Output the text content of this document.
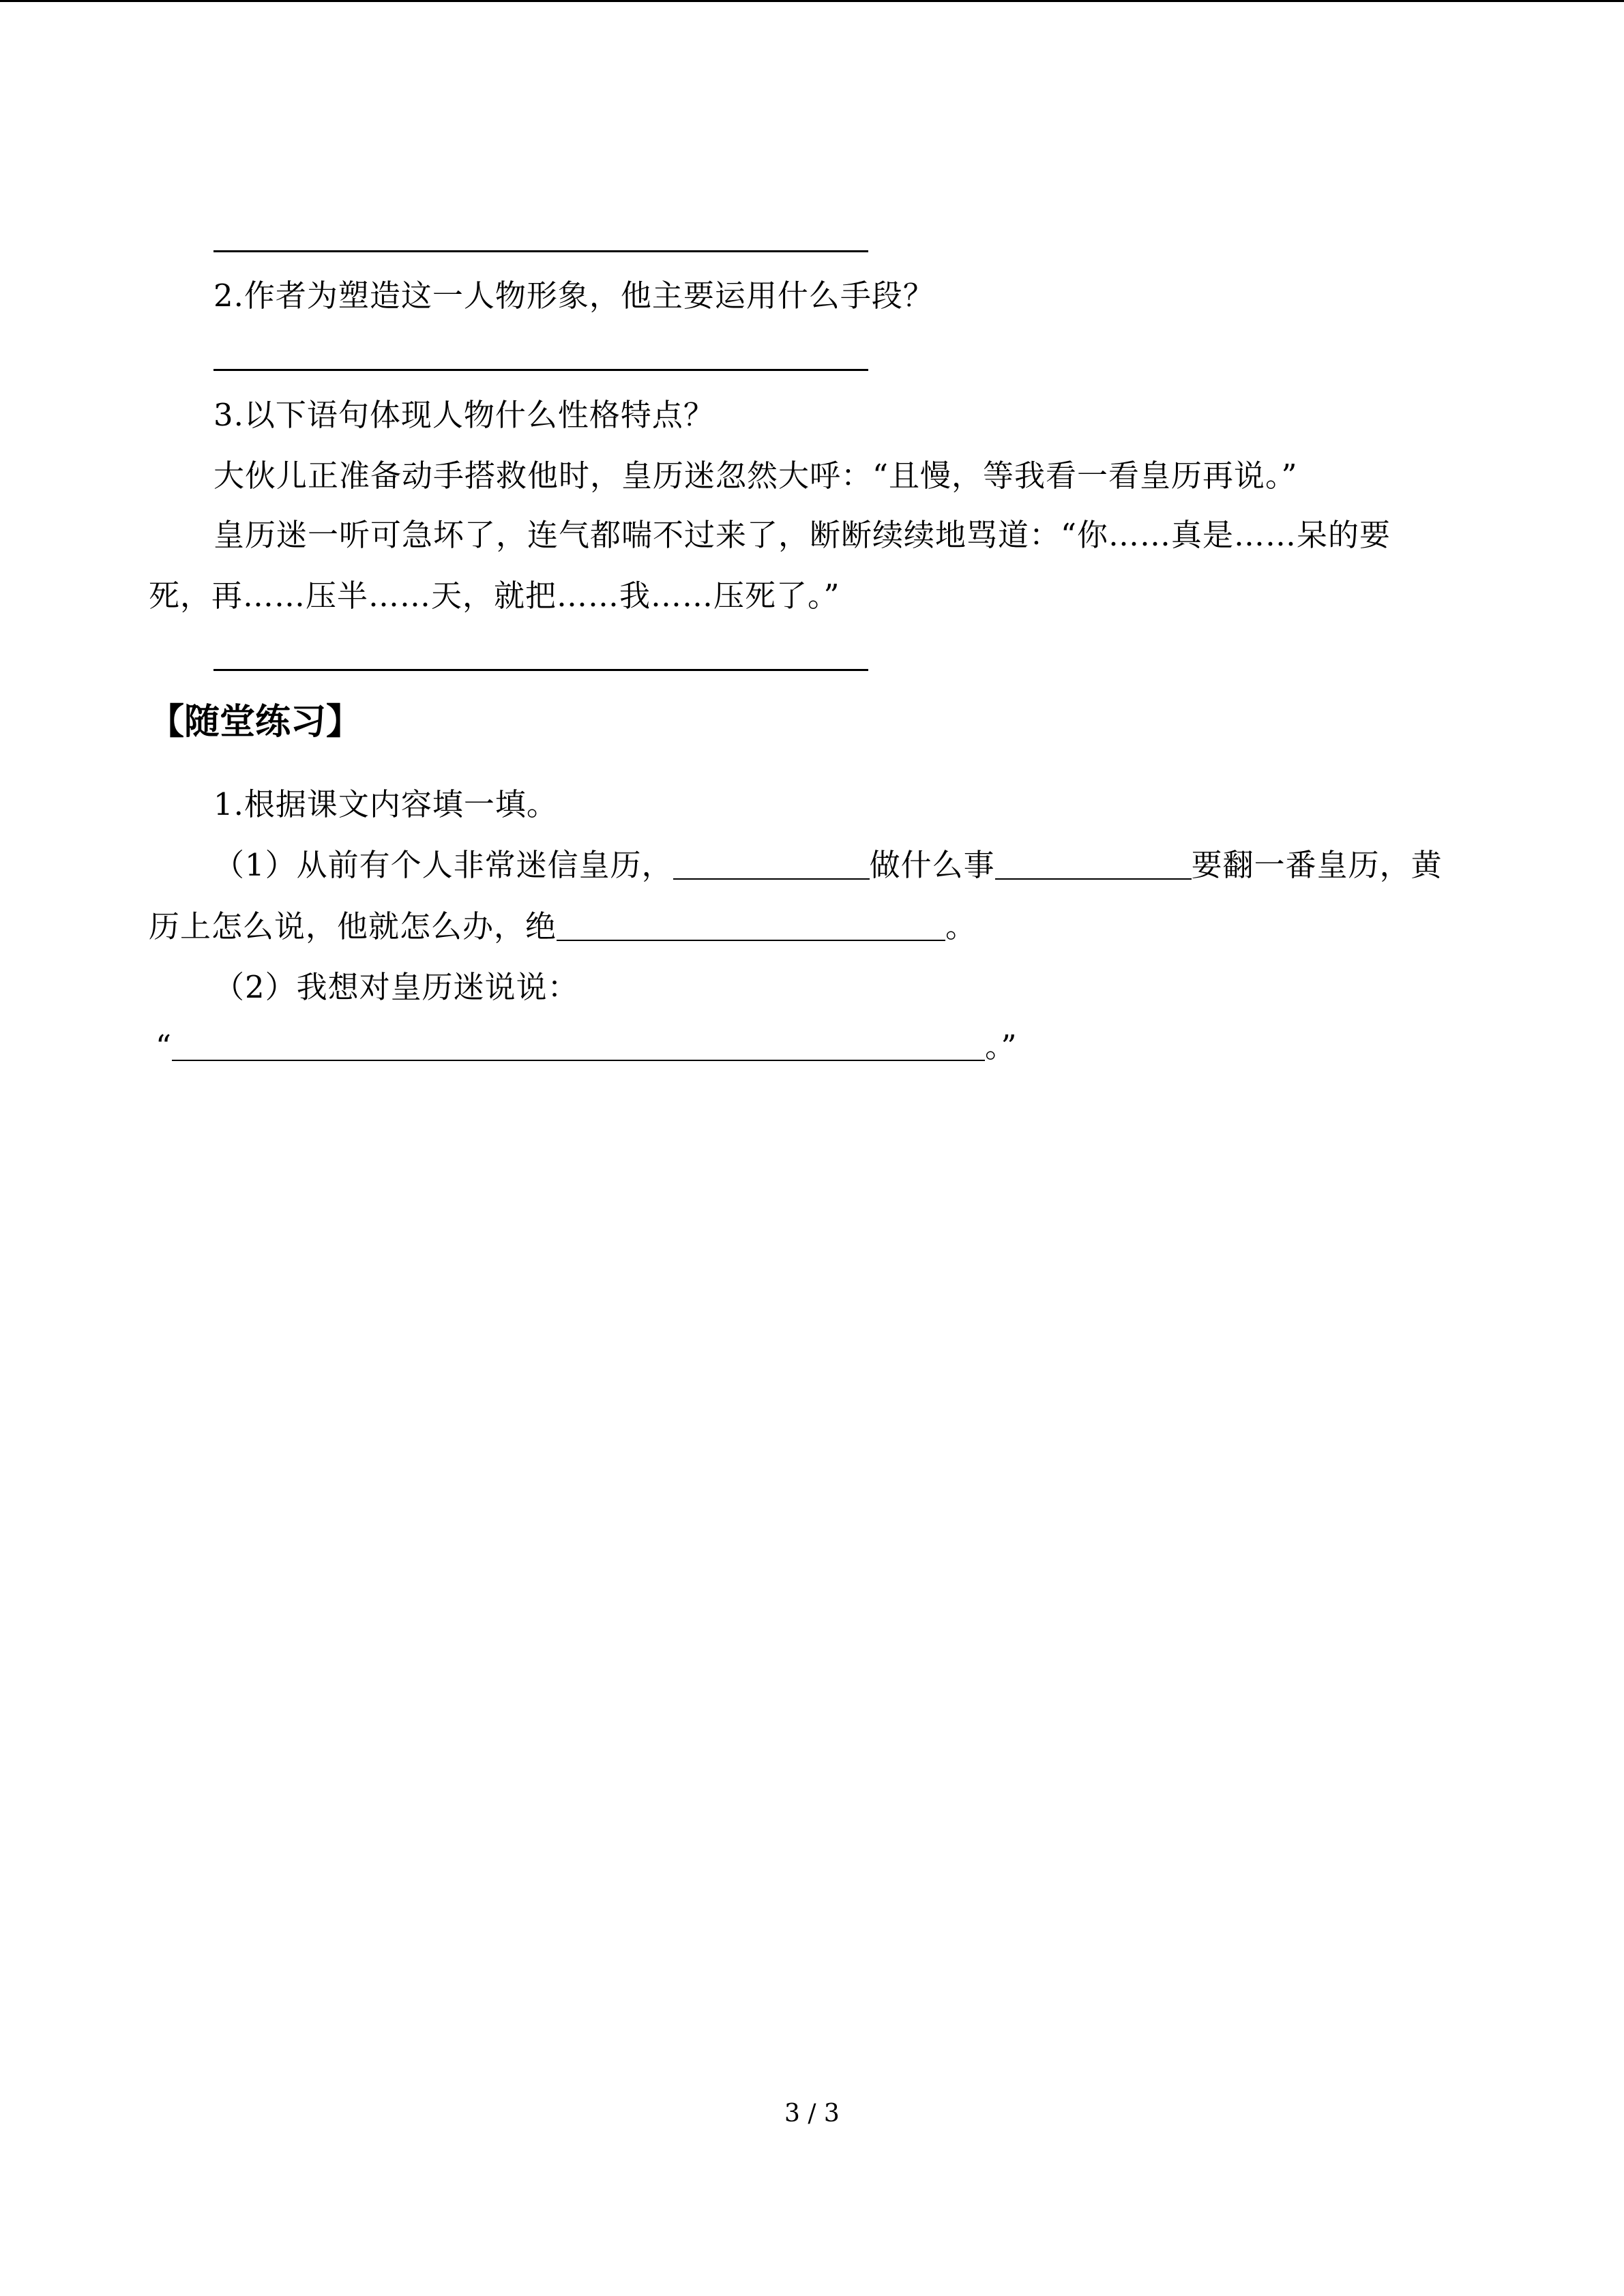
2.作者为塑造这一人物形象，他主要运用什么手段？
3.以下语句体现人物什么性格特点？
大伙儿正准备动手搭救他时，皇历迷忽然大呼：“且慢，等我看一看皇历再说。”
皇历迷一听可急坏了，连气都喘不过来了，断断续续地骂道：“你……真是……呆的要
死，再……压半……天，就把……我……压死了。”
【随堂练习】
1.根据课文内容填一填。
（1）从前有个人非常迷信皇历，	做什么事	要翻一番皇历，黄
历上怎么说，他就怎么办，绝	。
（2）我想对皇历迷说说：
“	。”
3 / 3
